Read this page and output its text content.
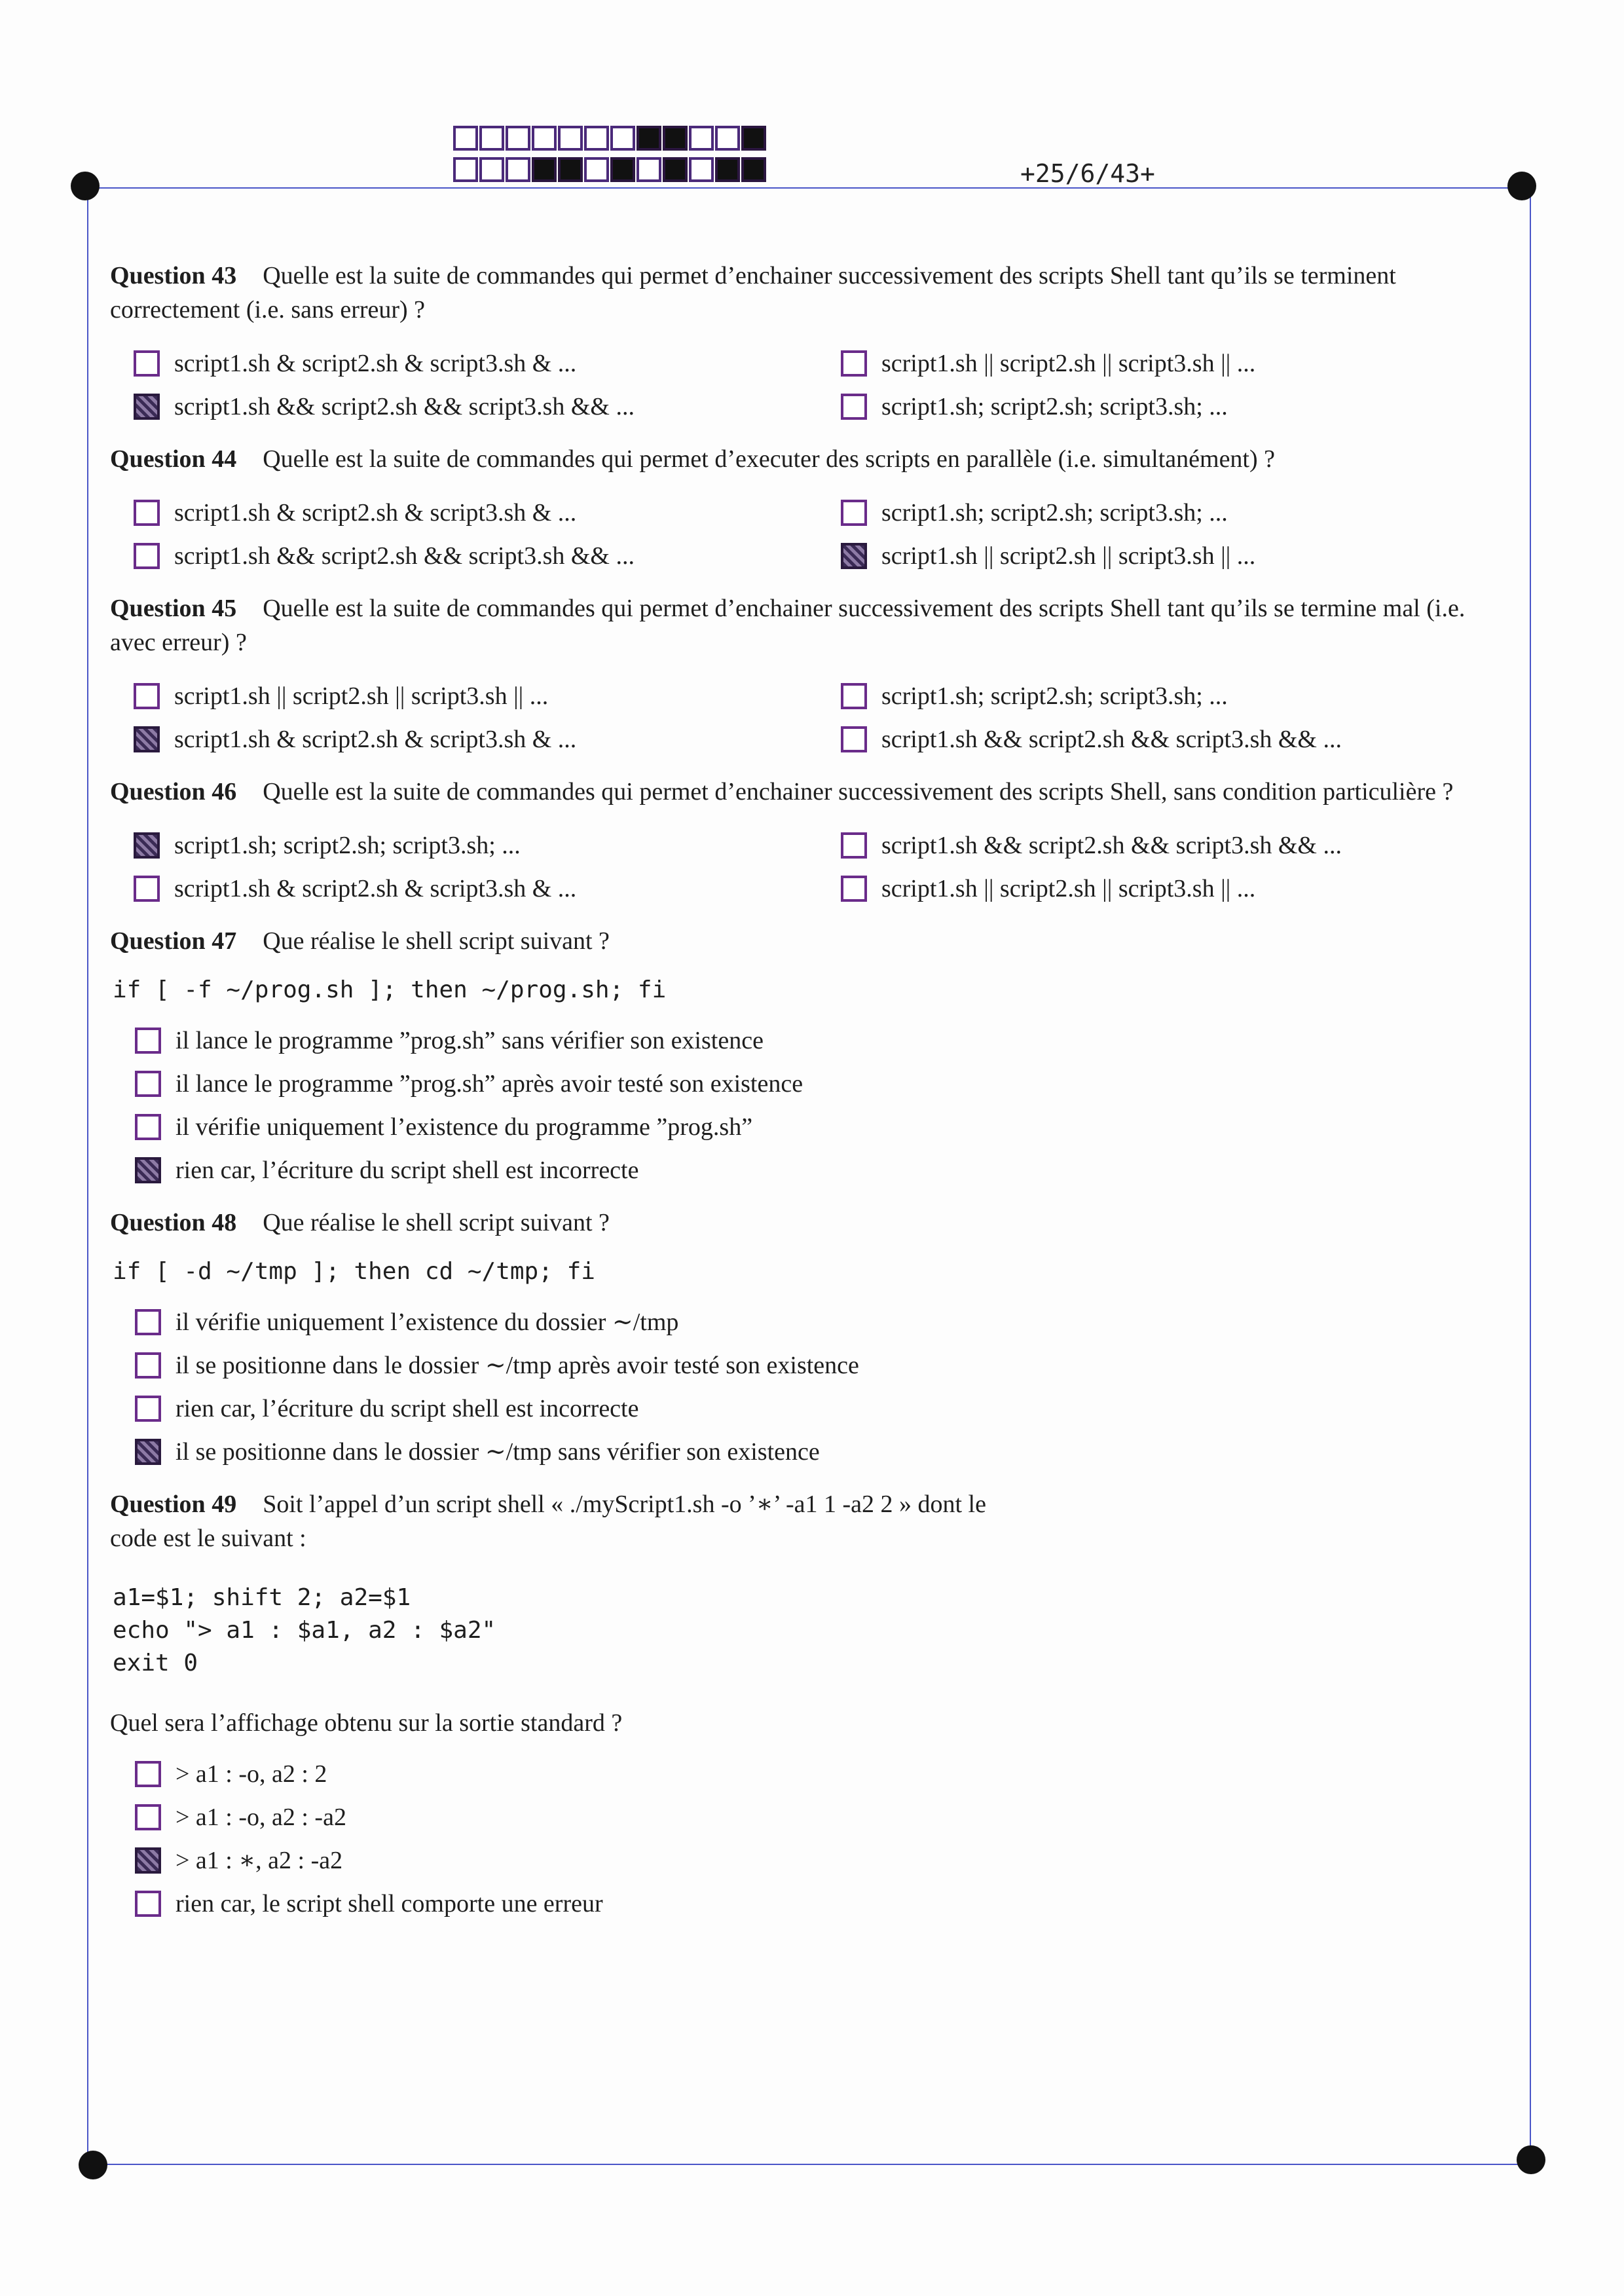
+25/6/43+

Question 43 Quelle est la suite de commandes qui permet d’enchainer successivement des scripts Shell tant qu’ils se terminent correctement (i.e. sans erreur) ?

script1.sh & script2.sh & script3.sh & ...	script1.sh || script2.sh || script3.sh || ...
script1.sh && script2.sh && script3.sh && ...	script1.sh; script2.sh; script3.sh; ...

Question 44 Quelle est la suite de commandes qui permet d’executer des scripts en parallèle (i.e. simultanément) ?

script1.sh & script2.sh & script3.sh & ...	script1.sh; script2.sh; script3.sh; ...
script1.sh && script2.sh && script3.sh && ...	script1.sh || script2.sh || script3.sh || ...

Question 45 Quelle est la suite de commandes qui permet d’enchainer successivement des scripts Shell tant qu’ils se termine mal (i.e. avec erreur) ?

script1.sh || script2.sh || script3.sh || ...	script1.sh; script2.sh; script3.sh; ...
script1.sh & script2.sh & script3.sh & ...	script1.sh && script2.sh && script3.sh && ...

Question 46 Quelle est la suite de commandes qui permet d’enchainer successivement des scripts Shell, sans condition particulière ?

script1.sh; script2.sh; script3.sh; ...	script1.sh && script2.sh && script3.sh && ...
script1.sh & script2.sh & script3.sh & ...	script1.sh || script2.sh || script3.sh || ...

Question 47 Que réalise le shell script suivant ?

if [ -f ~/prog.sh ]; then ~/prog.sh; fi
il lance le programme ”prog.sh” sans vérifier son existence
il lance le programme ”prog.sh” après avoir testé son existence
il vérifie uniquement l’existence du programme ”prog.sh”
rien car, l’écriture du script shell est incorrecte

Question 48 Que réalise le shell script suivant ?

if [ -d ~/tmp ]; then cd ~/tmp; fi
il vérifie uniquement l’existence du dossier ∼/tmp
il se positionne dans le dossier ∼/tmp après avoir testé son existence
rien car, l’écriture du script shell est incorrecte
il se positionne dans le dossier ∼/tmp sans vérifier son existence

Question 49 Soit l’appel d’un script shell « ./myScript1.sh -o ’∗’ -a1 1 -a2 2 » dont le code est le suivant :

a1=$1; shift 2; a2=$1
echo "> a1 : $a1, a2 : $a2"
exit 0

Quel sera l’affichage obtenu sur la sortie standard ?

> a1 : -o, a2 : 2
> a1 : -o, a2 : -a2
> a1 : ∗, a2 : -a2
rien car, le script shell comporte une erreur
